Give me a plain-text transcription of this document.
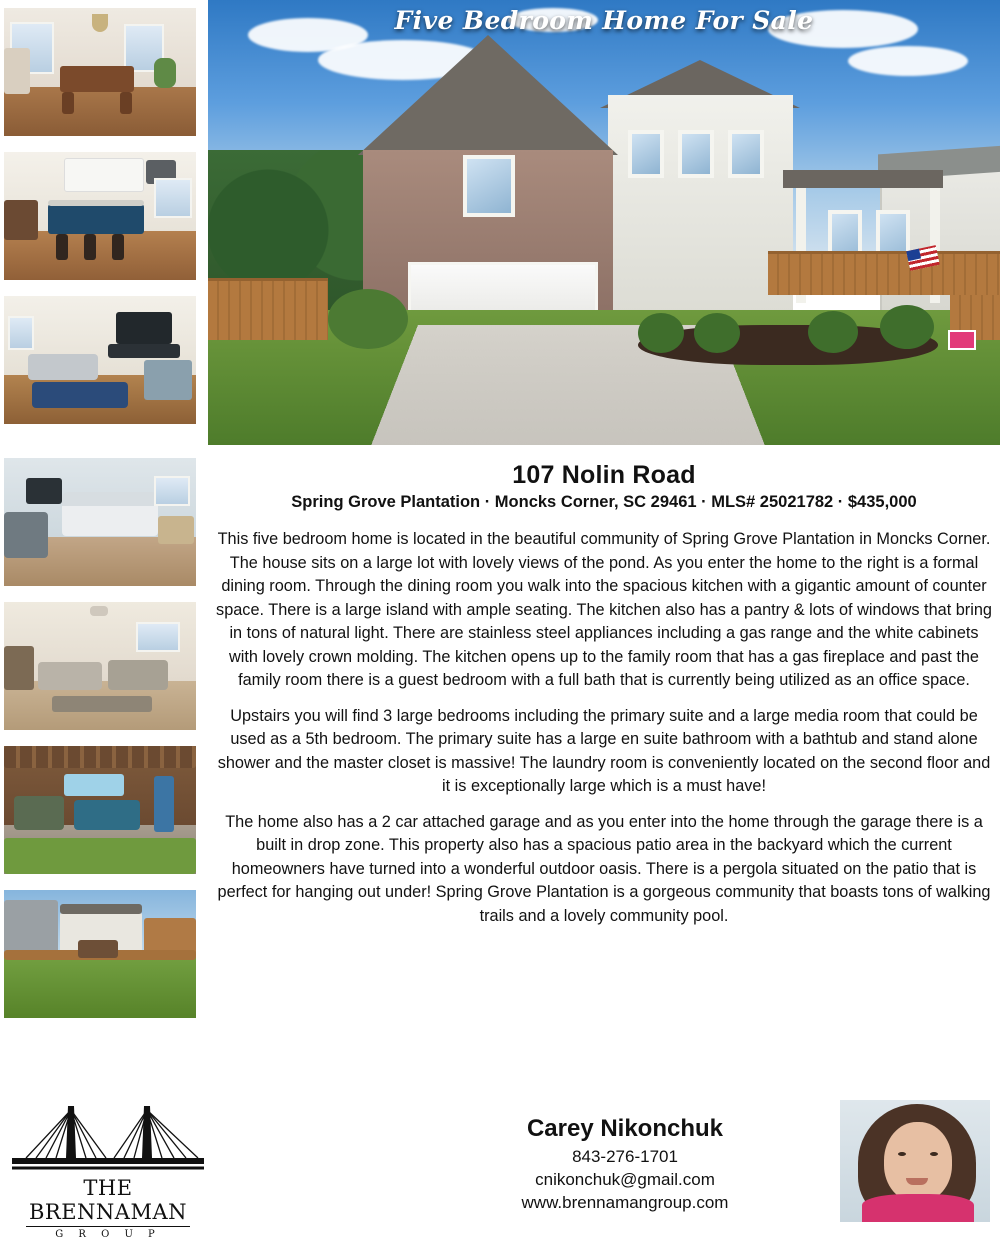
Five Bedroom Home For Sale
107 Nolin Road
Spring Grove Plantation · Moncks Corner, SC 29461 · MLS# 25021782 · $435,000

This five bedroom home is located in the beautiful community of Spring Grove Plantation in Moncks Corner. The house sits on a large lot with lovely views of the pond. As you enter the home to the right is a formal dining room. Through the dining room you walk into the spacious kitchen with a gigantic amount of counter space. There is a large island with ample seating. The kitchen also has a pantry & lots of windows that bring in tons of natural light. There are stainless steel appliances including a gas range and the white cabinets with lovely crown molding. The kitchen opens up to the family room that has a gas fireplace and past the family room there is a guest bedroom with a full bath that is currently being utilized as an office space.

Upstairs you will find 3 large bedrooms including the primary suite and a large media room that could be used as a 5th bedroom. The primary suite has a large en suite bathroom with a bathtub and stand alone shower and the master closet is massive! The laundry room is conveniently located on the second floor and it is exceptionally large which is a must have!

The home also has a 2 car attached garage and as you enter into the home through the garage there is a built in drop zone. This property also has a spacious patio area in the backyard which the current homeowners have turned into a wonderful outdoor oasis. There is a pergola situated on the patio that is perfect for hanging out under! Spring Grove Plantation is a gorgeous community that boasts tons of walking trails and a lovely community pool.

THE BRENNAMAN
G R O U P
Carey Nikonchuk
843-276-1701
cnikonchuk@gmail.com
www.brennamangroup.com
